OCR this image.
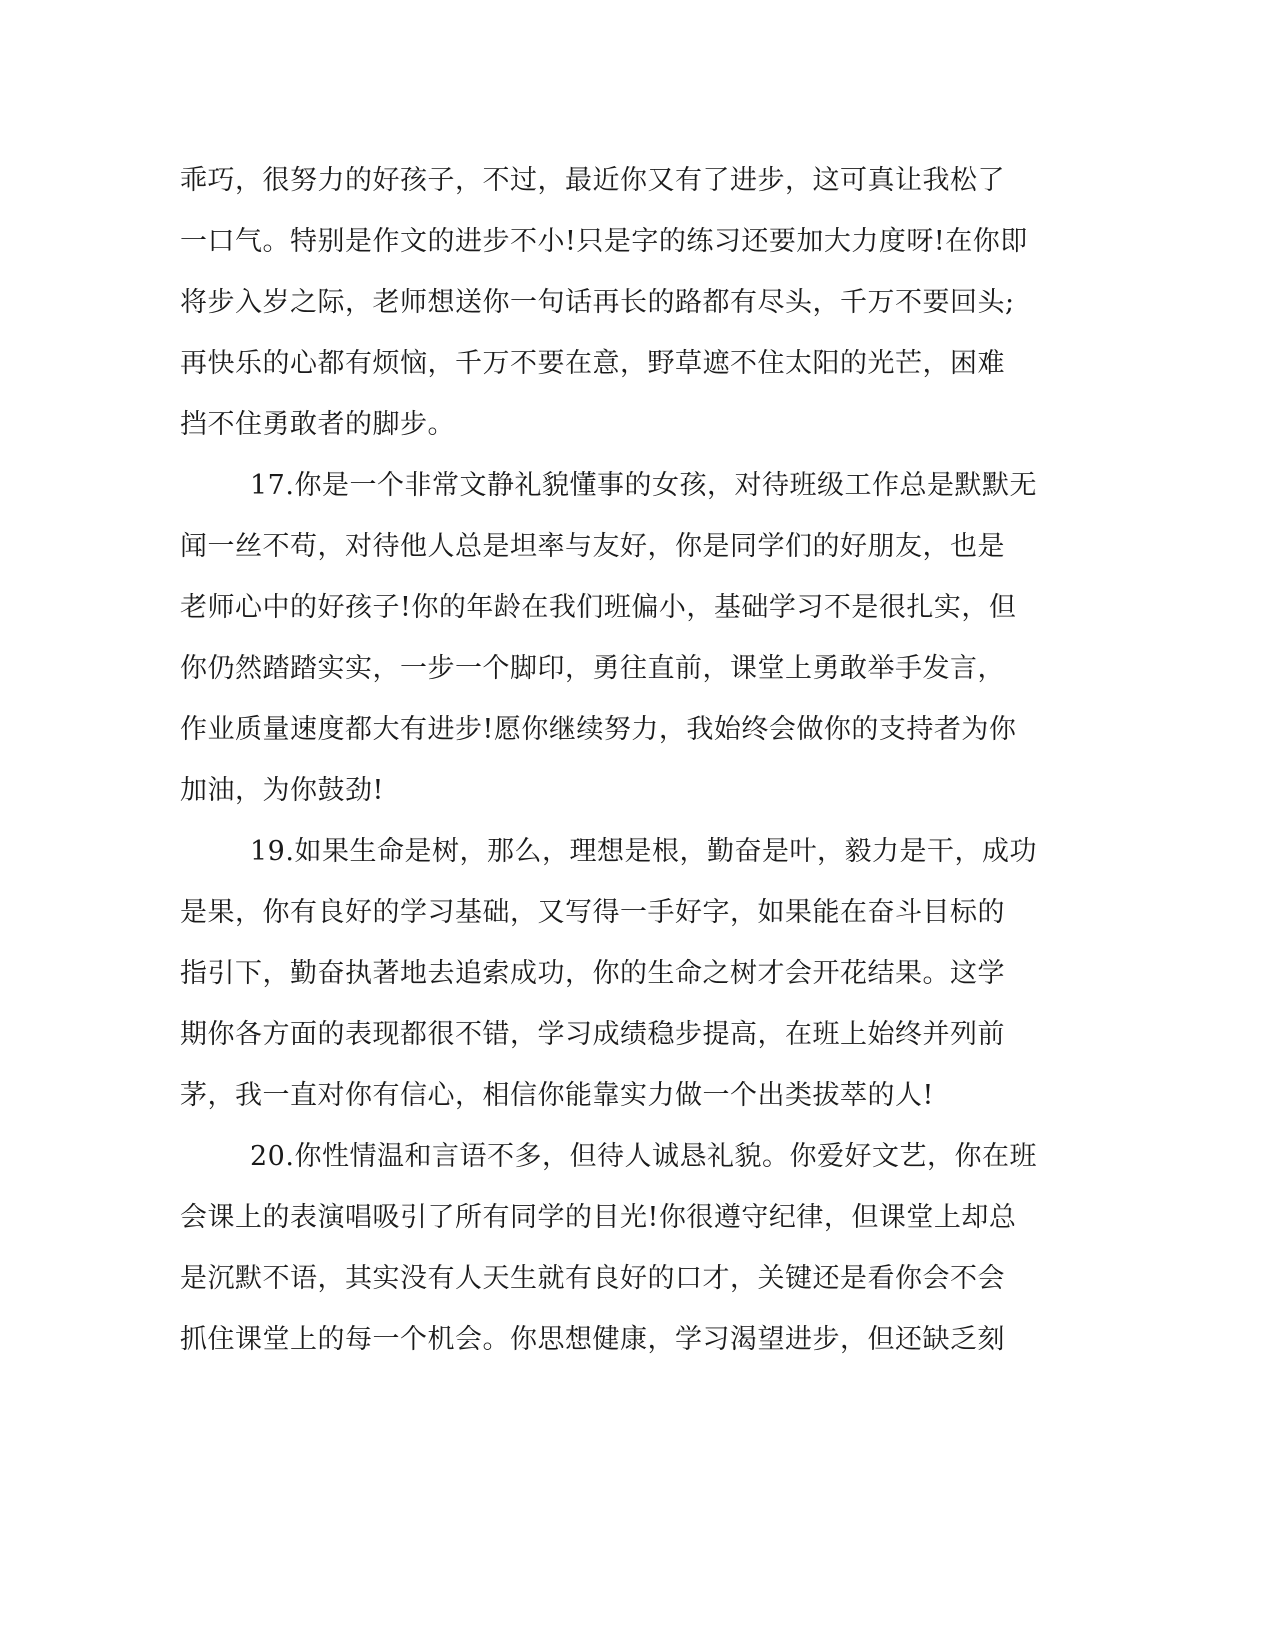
乖巧，很努力的好孩子，不过，最近你又有了进步，这可真让我松了
一口气。特别是作文的进步不小!只是字的练习还要加大力度呀!在你即
将步入岁之际，老师想送你一句话再长的路都有尽头，千万不要回头;
再快乐的心都有烦恼，千万不要在意，野草遮不住太阳的光芒，困难
挡不住勇敢者的脚步。
17.你是一个非常文静礼貌懂事的女孩，对待班级工作总是默默无
闻一丝不苟，对待他人总是坦率与友好，你是同学们的好朋友，也是
老师心中的好孩子!你的年龄在我们班偏小，基础学习不是很扎实，但
你仍然踏踏实实，一步一个脚印，勇往直前，课堂上勇敢举手发言，
作业质量速度都大有进步!愿你继续努力，我始终会做你的支持者为你
加油，为你鼓劲!
19.如果生命是树，那么，理想是根，勤奋是叶，毅力是干，成功
是果，你有良好的学习基础，又写得一手好字，如果能在奋斗目标的
指引下，勤奋执著地去追索成功，你的生命之树才会开花结果。这学
期你各方面的表现都很不错，学习成绩稳步提高，在班上始终并列前
茅，我一直对你有信心，相信你能靠实力做一个出类拔萃的人!
20.你性情温和言语不多，但待人诚恳礼貌。你爱好文艺，你在班
会课上的表演唱吸引了所有同学的目光!你很遵守纪律，但课堂上却总
是沉默不语，其实没有人天生就有良好的口才，关键还是看你会不会
抓住课堂上的每一个机会。你思想健康，学习渴望进步，但还缺乏刻
